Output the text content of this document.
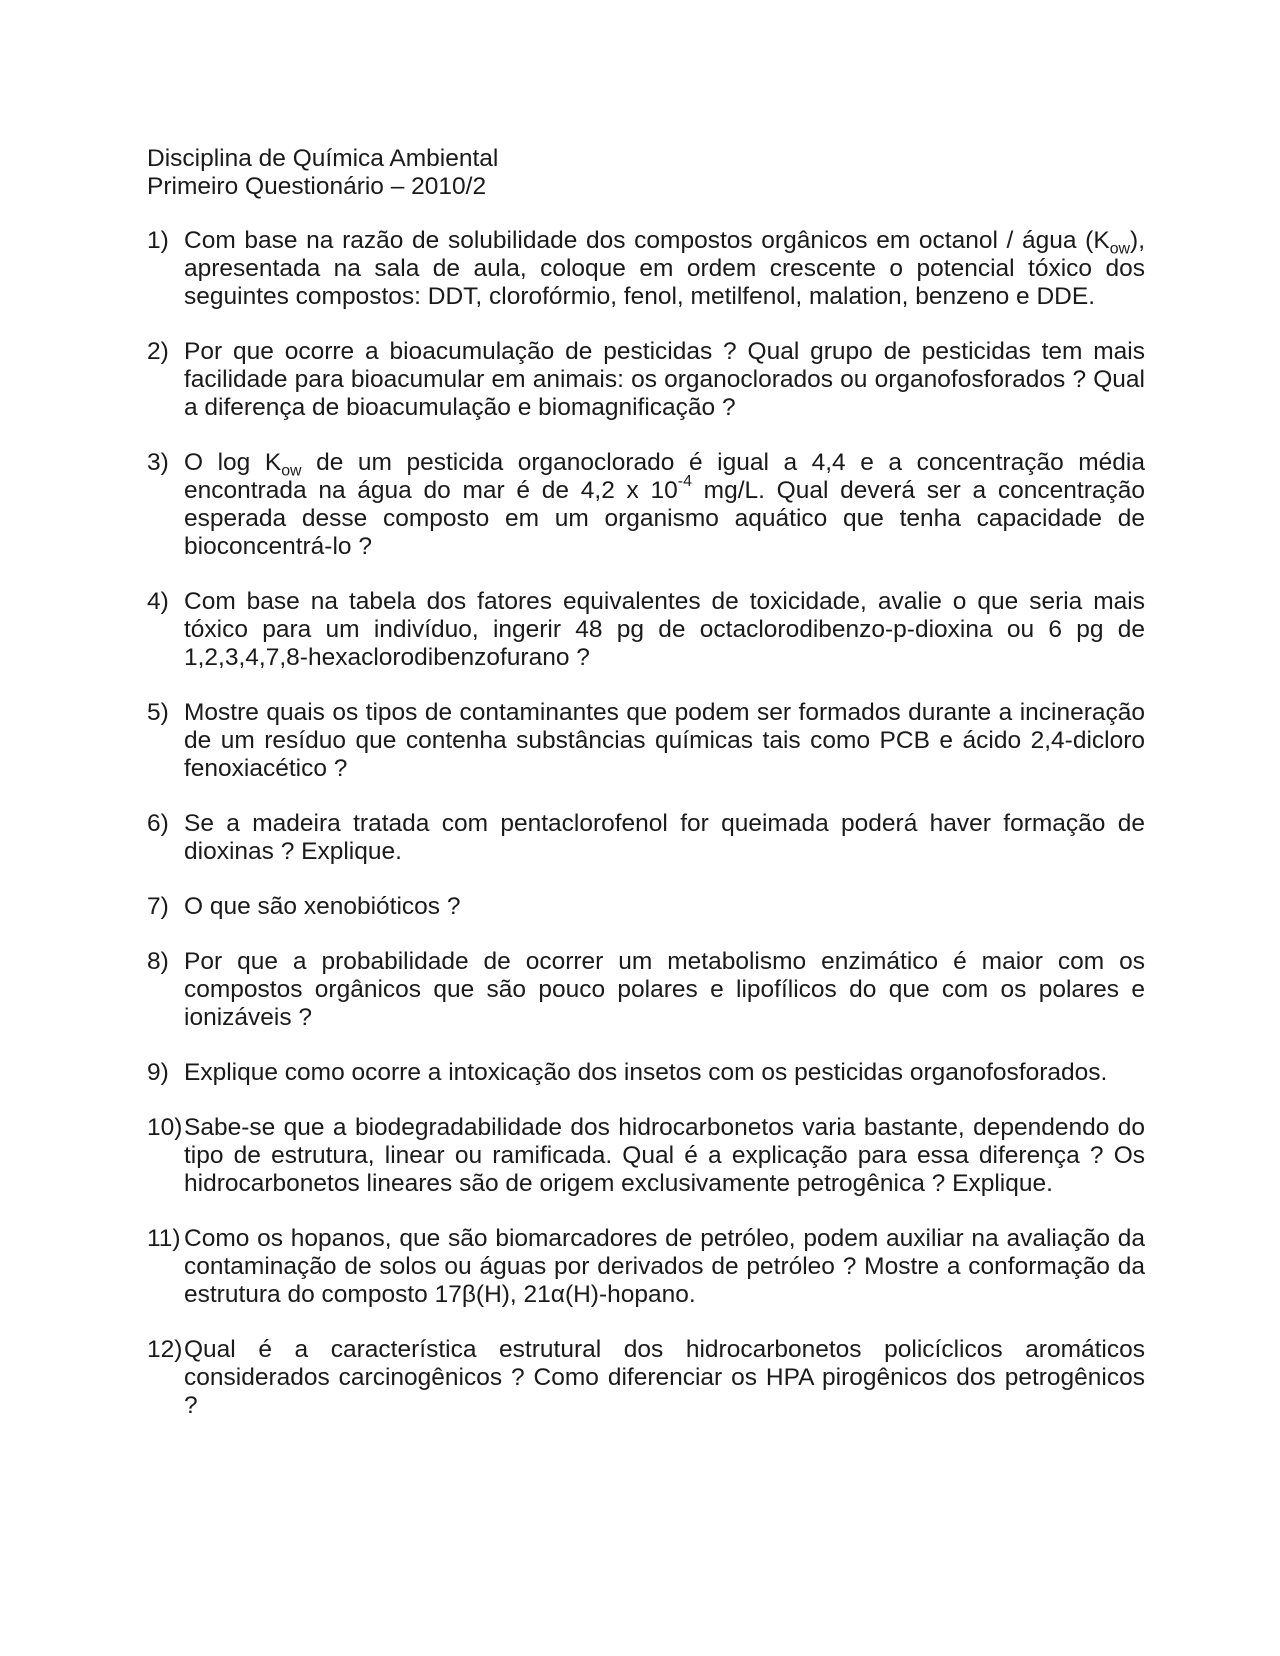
Disciplina de Química Ambiental
Primeiro Questionário – 2010/2
1) Com base na razão de solubilidade dos compostos orgânicos em octanol / água $(K_{ow})$, apresentada na sala de aula, coloque em ordem crescente o potencial tóxico dos seguintes compostos: DDT, clorofórmio, fenol, metilfenol, malation, benzeno e DDE.
2) Por que ocorre a bioacumulação de pesticidas ? Qual grupo de pesticidas tem mais facilidade para bioacumular em animais: os organoclorados ou organofosforados ? Qual a diferença de bioacumulação e biomagnificação ?
3) O $\log K_{ow}$ de um pesticida organoclorado é igual a 4,4 e a concentração média encontrada na água do mar é de 4,2 x $10^{-4}$ mg/L. Qual deverá ser a concentração esperada desse composto em um organismo aquático que tenha capacidade de bioconcentrá-lo ?
4) Com base na tabela dos fatores equivalentes de toxicidade, avalie o que seria mais tóxico para um indivíduo, ingerir 48 pg de octaclorodibenzo-p-dioxina ou 6 pg de 1,2,3,4,7,8-hexaclorodibenzofurano ?
5) Mostre quais os tipos de contaminantes que podem ser formados durante a incineração de um resíduo que contenha substâncias químicas tais como PCB e ácido 2,4-dicloro fenoxiacético ?
6) Se a madeira tratada com pentaclorofenol for queimada poderá haver formação de dioxinas ? Explique.
7) O que são xenobióticos ?
8) Por que a probabilidade de ocorrer um metabolismo enzimático é maior com os compostos orgânicos que são pouco polares e lipofílicos do que com os polares e ionizáveis ?
9) Explique como ocorre a intoxicação dos insetos com os pesticidas organofosforados.
10) Sabe-se que a biodegradabilidade dos hidrocarbonetos varia bastante, dependendo do tipo de estrutura, linear ou ramificada. Qual é a explicação para essa diferença ? Os hidrocarbonetos lineares são de origem exclusivamente petrogênica ? Explique.
11) Como os hopanos, que são biomarcadores de petróleo, podem auxiliar na avaliação da contaminação de solos ou águas por derivados de petróleo ? Mostre a conformação da estrutura do composto 17β(H), 21α(H)-hopano.
12) Qual é a característica estrutural dos hidrocarbonetos policíclicos aromáticos considerados carcinogênicos ? Como diferenciar os HPA pirogênicos dos petrogênicos ?
